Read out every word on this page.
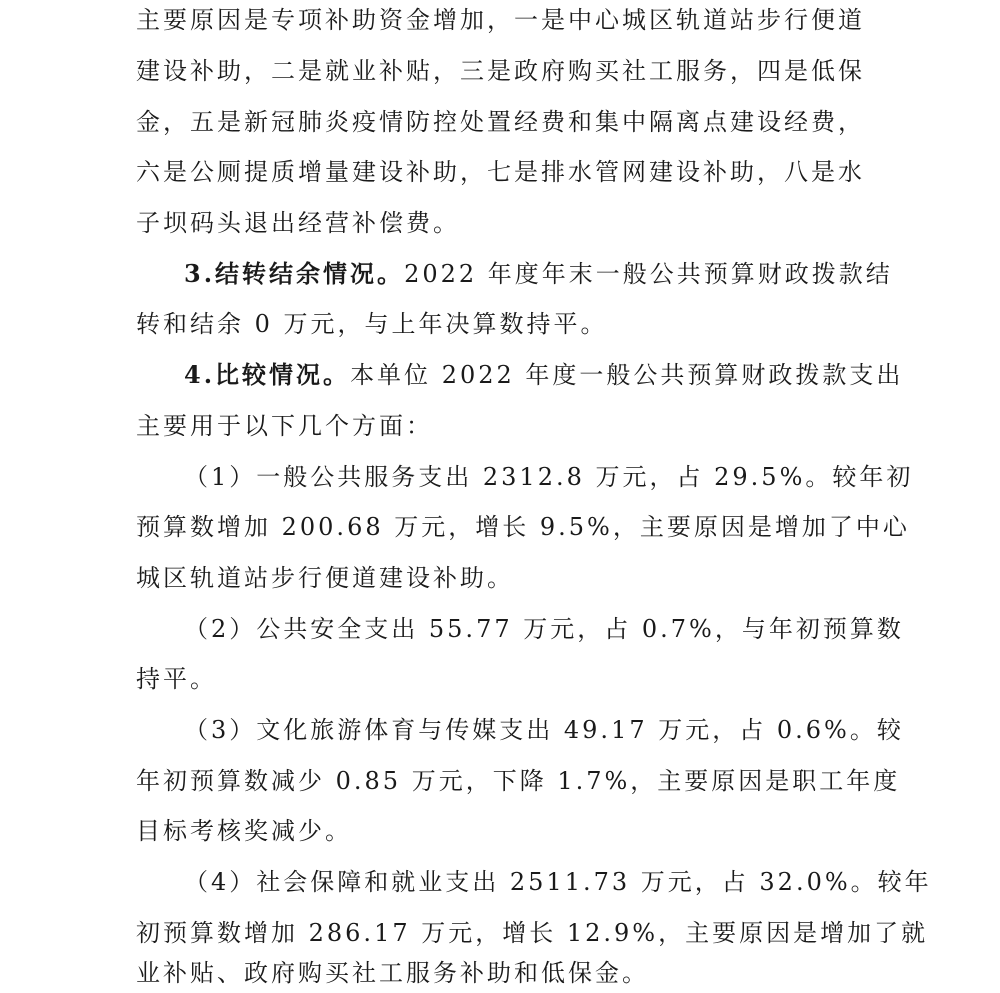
主要原因是专项补助资金增加，一是中心城区轨道站步行便道
建设补助，二是就业补贴，三是政府购买社工服务，四是低保
金，五是新冠肺炎疫情防控处置经费和集中隔离点建设经费，
六是公厕提质增量建设补助，七是排水管网建设补助，八是水
子坝码头退出经营补偿费。
3.结转结余情况。2022 年度年末一般公共预算财政拨款结
转和结余 0 万元，与上年决算数持平。
4.比较情况。本单位 2022 年度一般公共预算财政拨款支出
主要用于以下几个方面：
（1）一般公共服务支出 2312.8 万元，占 29.5%。较年初
预算数增加 200.68 万元，增长 9.5%，主要原因是增加了中心
城区轨道站步行便道建设补助。
（2）公共安全支出 55.77 万元，占 0.7%，与年初预算数
持平。
（3）文化旅游体育与传媒支出 49.17 万元，占 0.6%。较
年初预算数减少 0.85 万元，下降 1.7%，主要原因是职工年度
目标考核奖减少。
（4）社会保障和就业支出 2511.73 万元，占 32.0%。较年
初预算数增加 286.17 万元，增长 12.9%，主要原因是增加了就
业补贴、政府购买社工服务补助和低保金。
